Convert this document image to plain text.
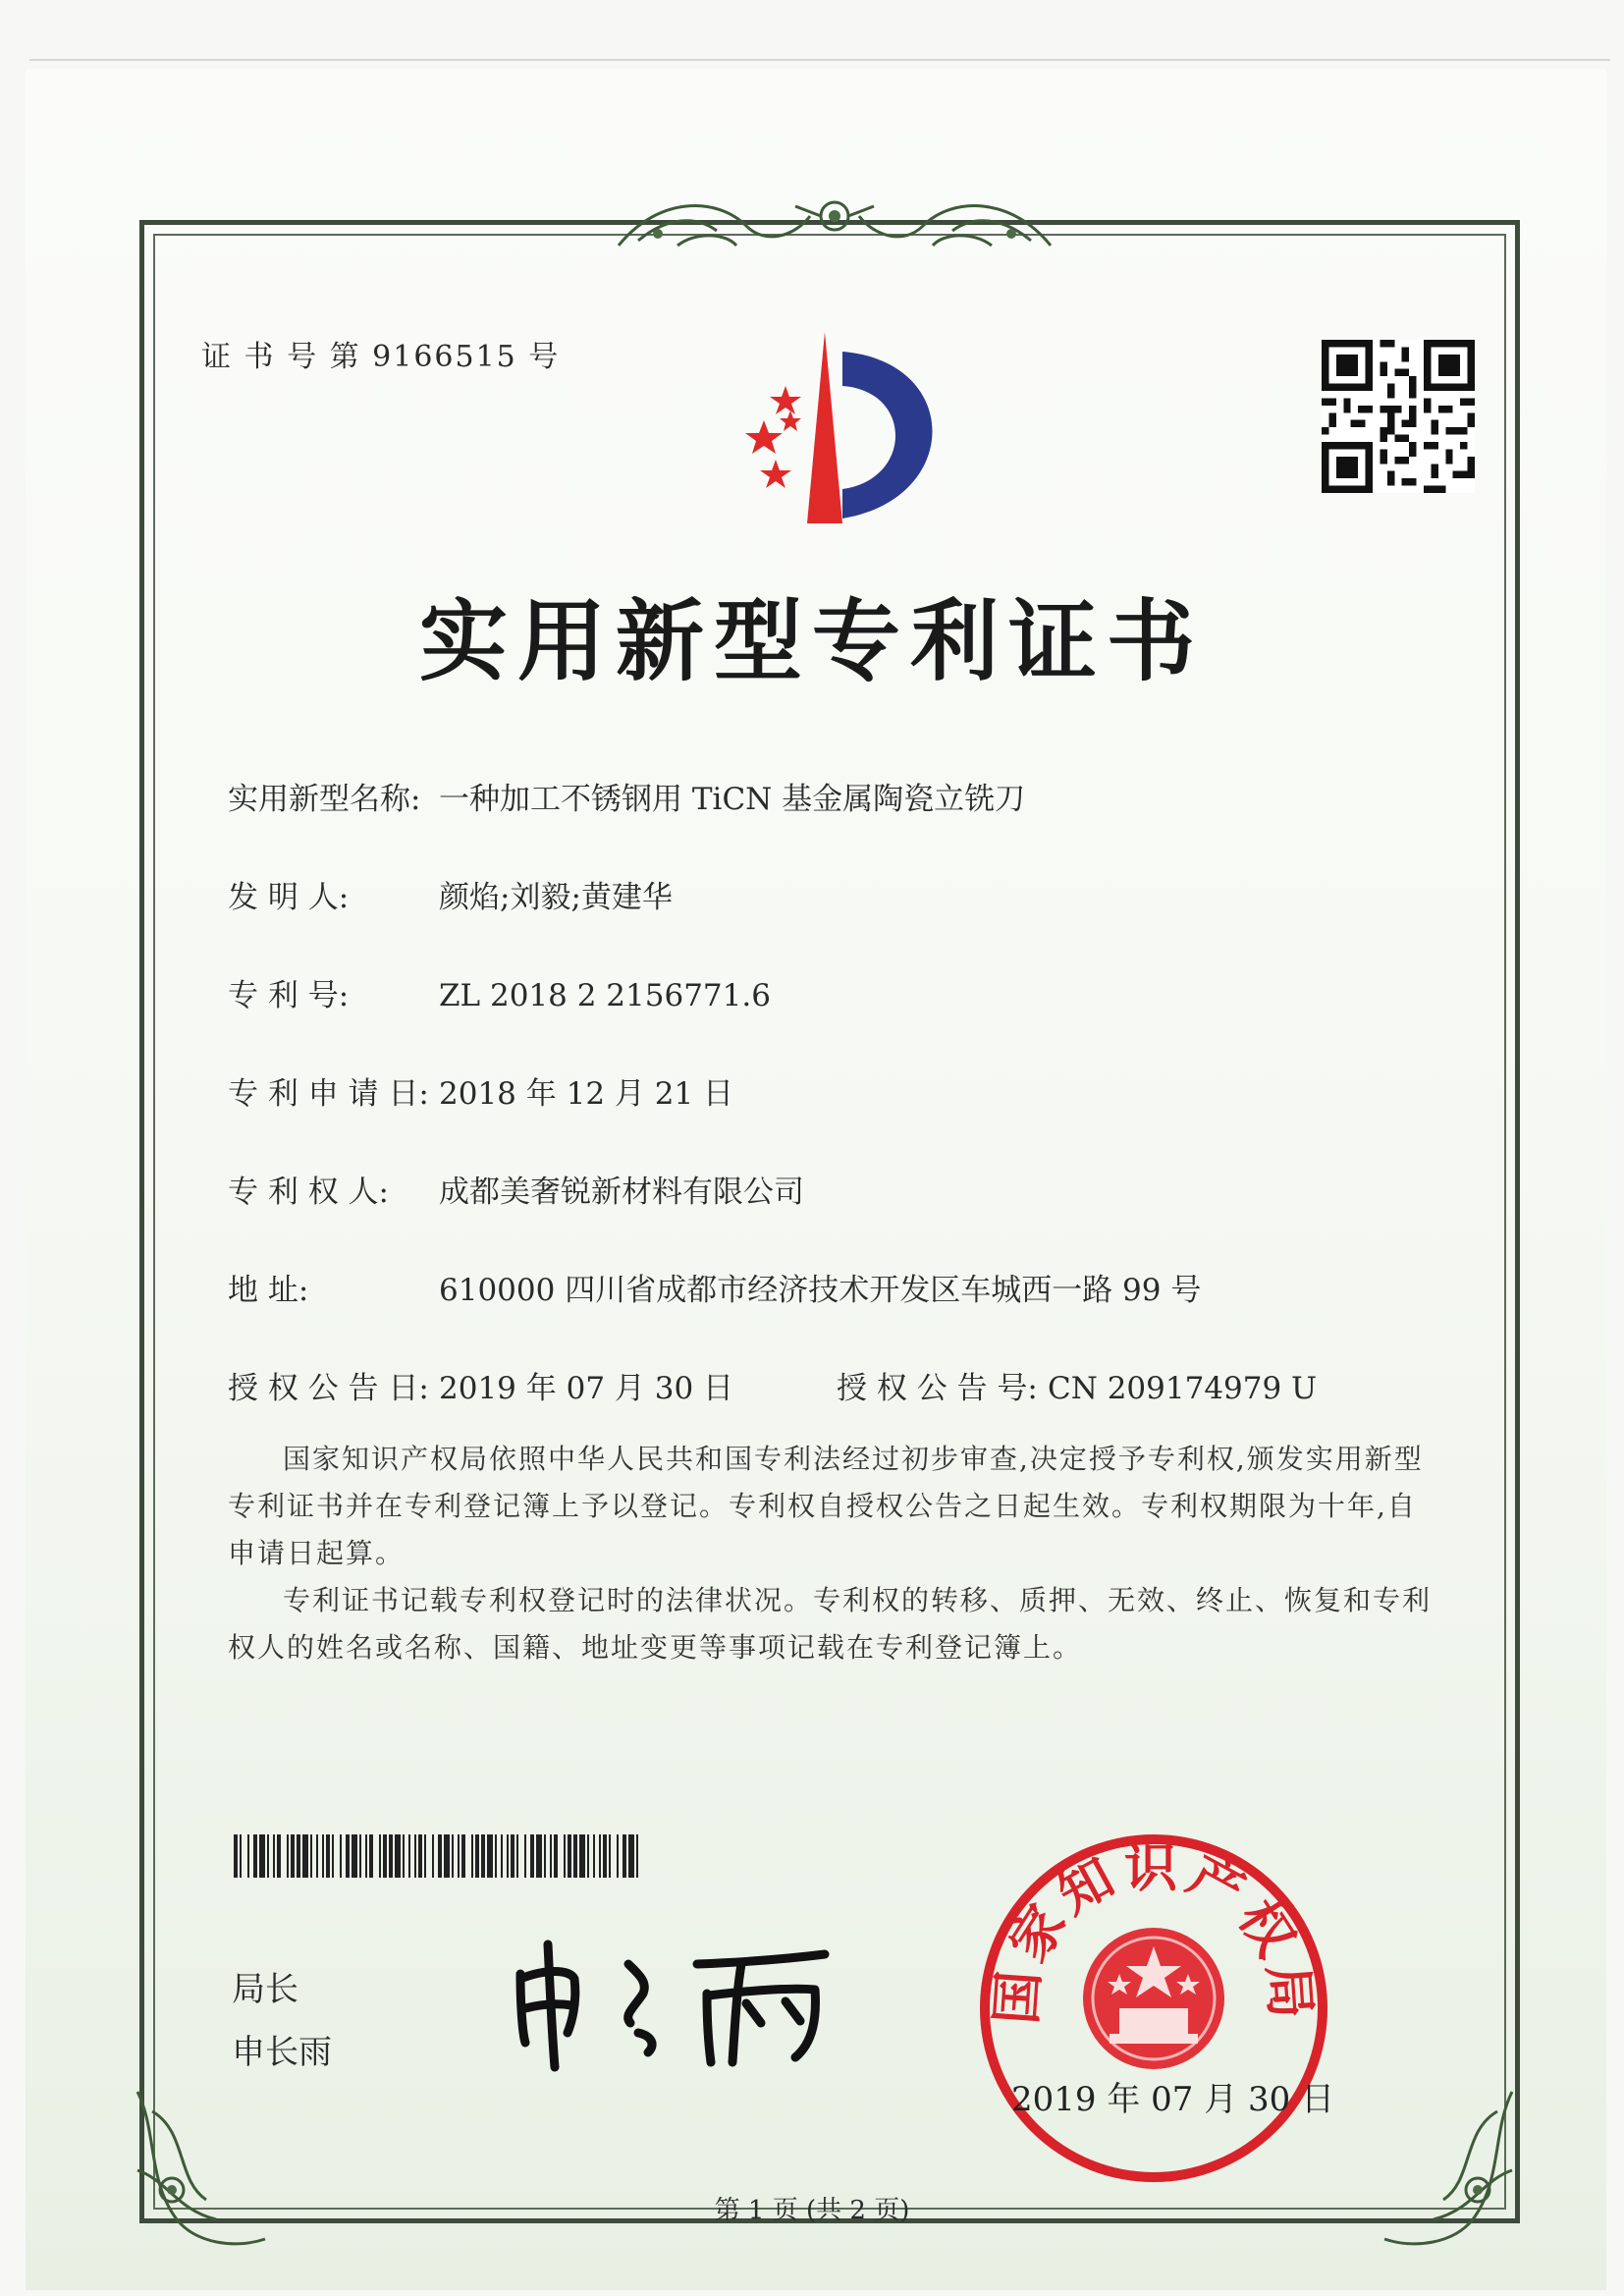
证 书 号 第 9166515 号
实用新型专利证书
实用新型名称: 一种加工不锈钢用 TiCN 基金属陶瓷立铣刀
发 明 人:	颜焰;刘毅;黄建华
专 利 号:	ZL 2018 2 2156771.6
专 利 申 请 日: 2018 年 12 月 21 日
专 利 权 人: 成都美奢锐新材料有限公司
地 址:	610000 四川省成都市经济技术开发区车城西一路 99 号
授 权 公 告 日: 2019 年 07 月 30 日	授 权 公 告 号: CN 209174979 U

国家知识产权局依照中华人民共和国专利法经过初步审查,决定授予专利权,颁发实用新型专利证书并在专利登记簿上予以登记。专利权自授权公告之日起生效。专利权期限为十年,自申请日起算。

专利证书记载专利权登记时的法律状况。专利权的转移、质押、无效、终止、恢复和专利权人的姓名或名称、国籍、地址变更等事项记载在专利登记簿上。

局长
申长雨
国家知识产权局
2019 年 07 月 30 日
第 1 页 (共 2 页)
